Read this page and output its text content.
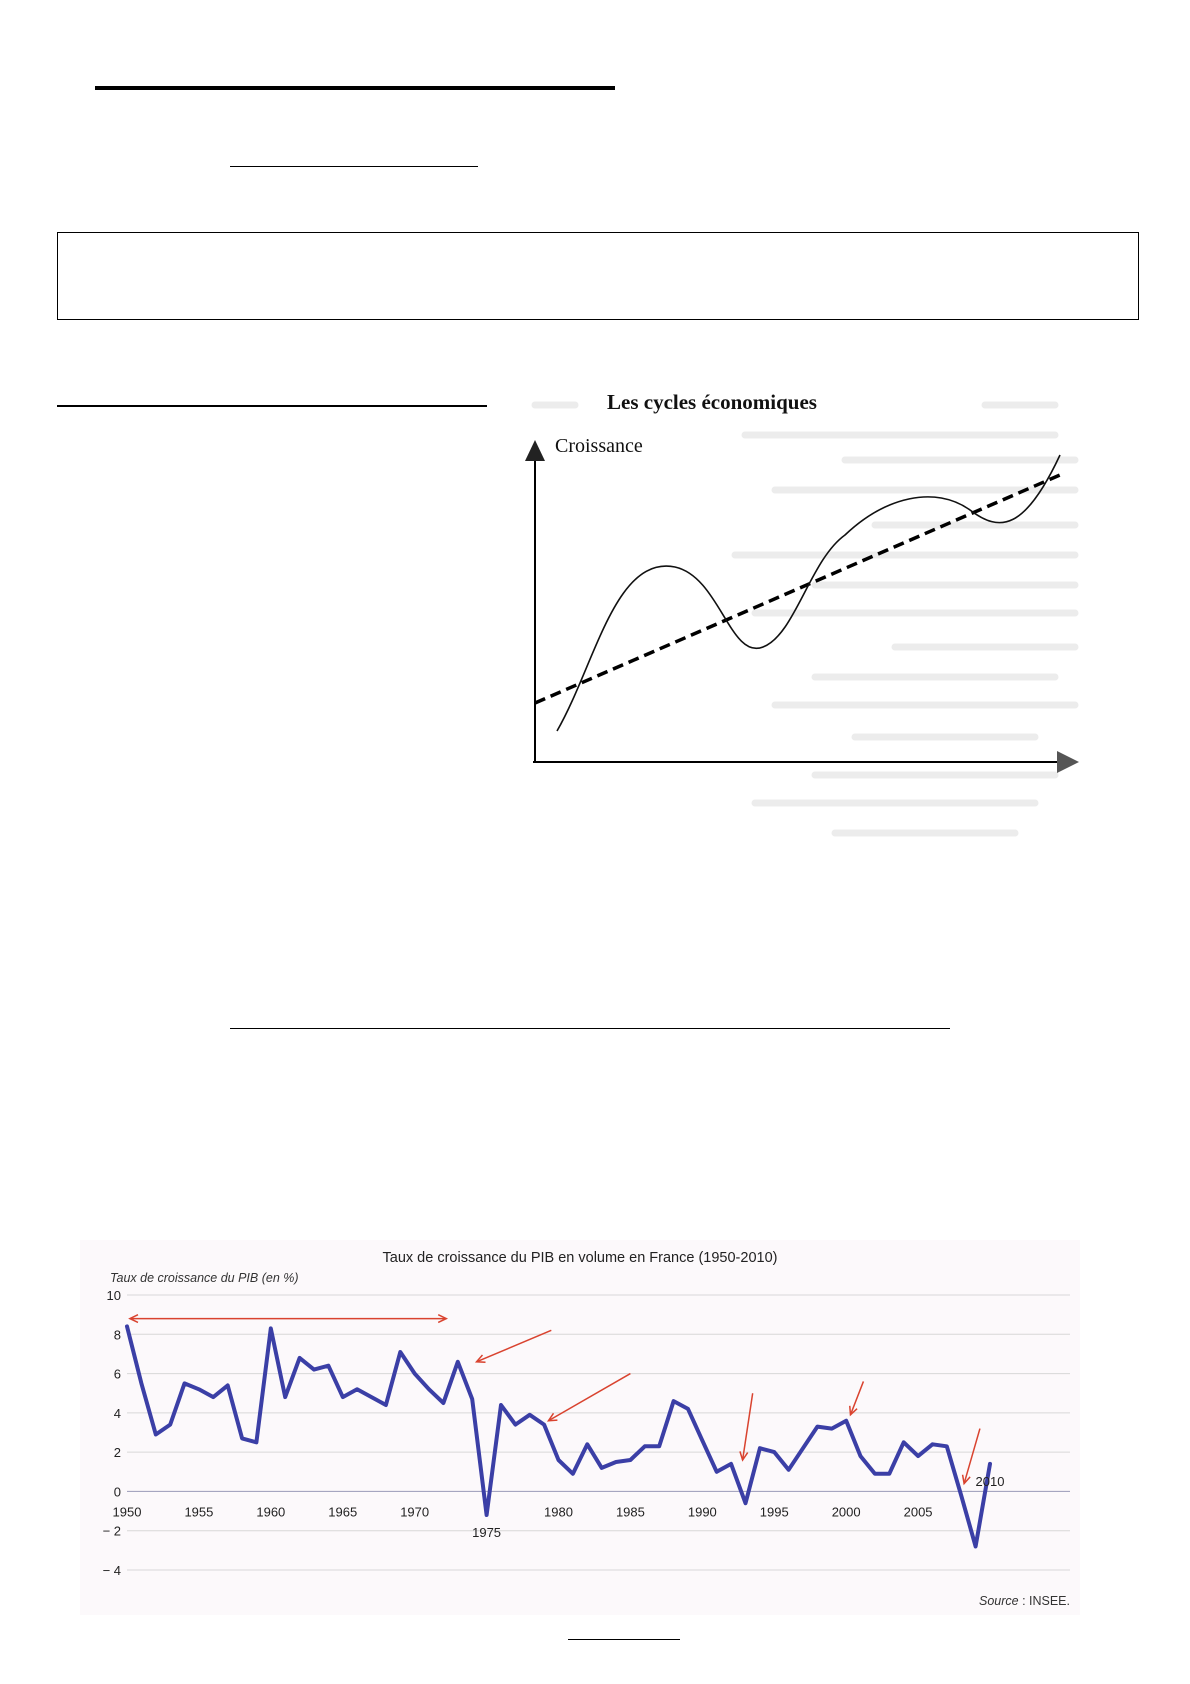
Les cycles économiques
Croissance
Taux de croissance du PIB en volume en France (1950-2010)
Taux de croissance du PIB (en %)
10
8
6
4
2
0
− 2
− 4
1950	1955	1960	1965	1970	1980	1985	1990	1995	2000	2005
1975
2010
Source : INSEE.
